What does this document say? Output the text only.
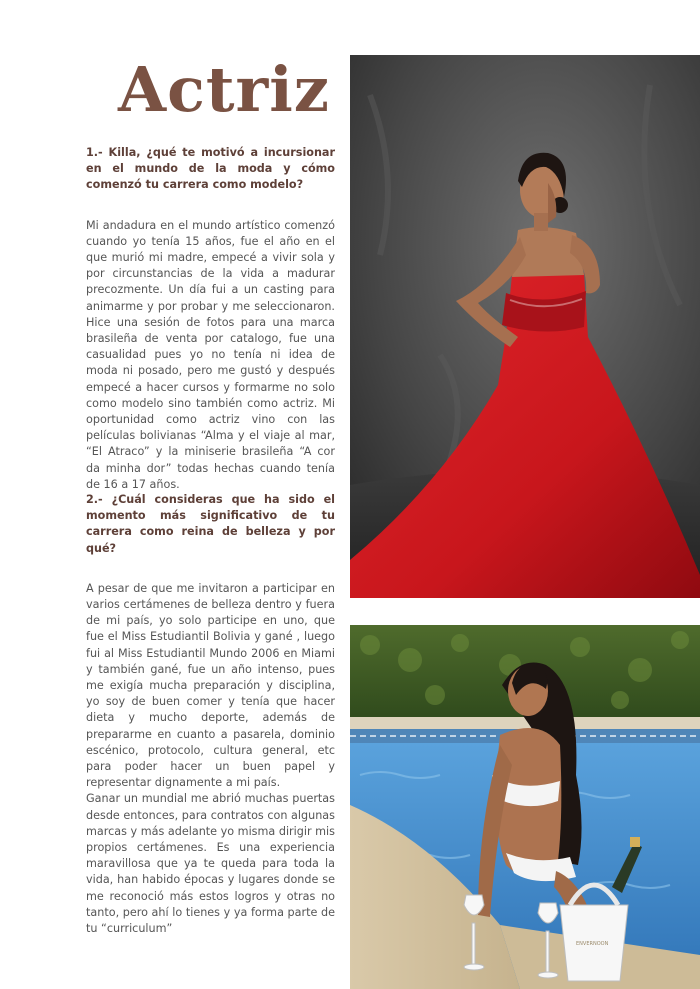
Actriz

1.- Killa, ¿qué te motivó a incursionar en el mundo de la moda y cómo comenzó tu carrera como modelo?

Mi andadura en el mundo artístico comenzó cuando yo tenía 15 años, fue el año en el que murió mi madre, empecé a vivir sola y por circunstancias de la vida a madurar precozmente. Un día fui a un casting para animarme y por probar y me seleccionaron. Hice una sesión de fotos para una marca brasileña de venta por catalogo, fue una casualidad pues yo no tenía ni idea de moda ni posado, pero me gustó y después empecé a hacer cursos y formarme no solo como modelo sino también como actriz. Mi oportunidad como actriz vino con las películas bolivianas “Alma y el viaje al mar, “El Atraco” y la miniserie brasileña “A cor da minha dor” todas hechas cuando tenía de 16 a 17 años.

2.- ¿Cuál consideras que ha sido el momento más significativo de tu carrera como reina de belleza y por qué?

A pesar de que me invitaron a participar en varios certámenes de belleza dentro y fuera de mi país, yo solo participe en uno, que fue el Miss Estudiantil Bolivia y gané , luego fui al Miss Estudiantil Mundo 2006 en Miami y también gané, fue un año intenso, pues me exigía mucha preparación y disciplina, yo soy de buen comer y tenía que hacer dieta y mucho deporte, además de prepararme en cuanto a pasarela, dominio escénico, protocolo, cultura general, etc para poder hacer un buen papel y representar dignamente a mi país.

Ganar un mundial me abrió muchas puertas desde entonces, para contratos con algunas marcas y más adelante yo misma dirigir mis propios certámenes. Es una experiencia maravillosa que ya te queda para toda la vida, han habido épocas y lugares donde se me reconoció más estos logros y otras no tanto, pero ahí lo tienes y ya forma parte de tu “curriculum”

ENVERNOON
